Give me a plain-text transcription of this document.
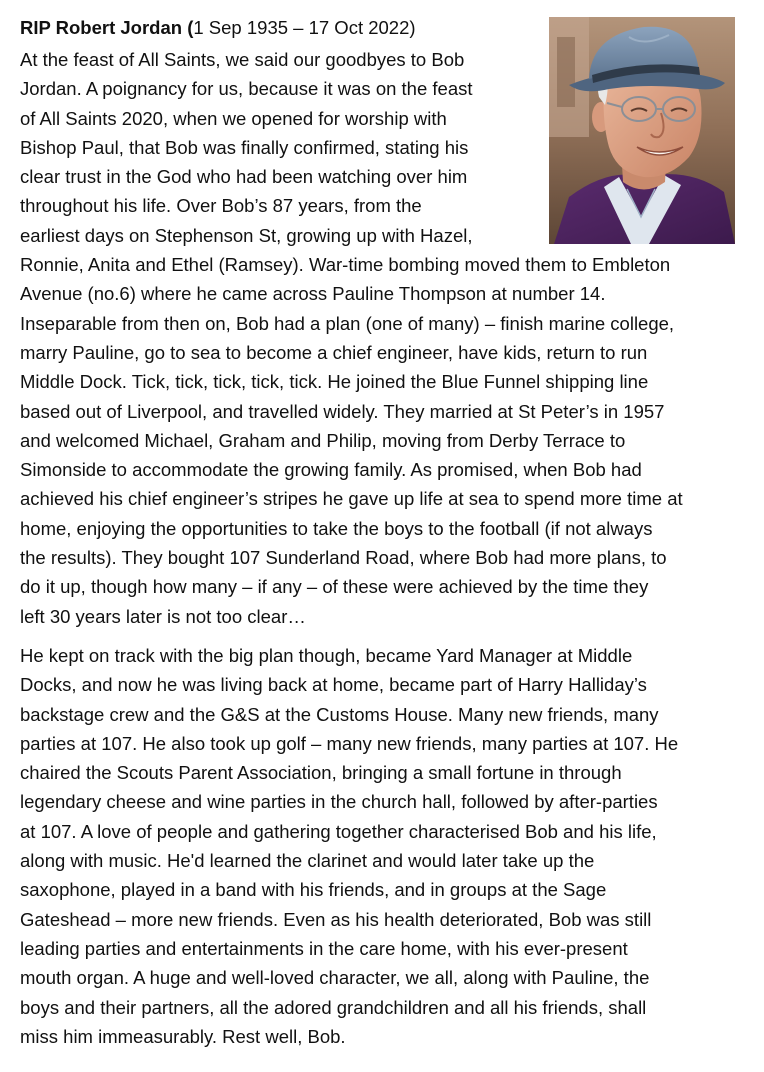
RIP Robert Jordan (1 Sep 1935 – 17 Oct 2022)

At the feast of All Saints, we said our goodbyes to Bob
Jordan. A poignancy for us, because it was on the feast
of All Saints 2020, when we opened for worship with
Bishop Paul, that Bob was finally confirmed, stating his
clear trust in the God who had been watching over him
throughout his life. Over Bob’s 87 years, from the
earliest days on Stephenson St, growing up with Hazel,
Ronnie, Anita and Ethel (Ramsey). War-time bombing moved them to Embleton
Avenue (no.6) where he came across Pauline Thompson at number 14.
Inseparable from then on, Bob had a plan (one of many) – finish marine college,
marry Pauline, go to sea to become a chief engineer, have kids, return to run
Middle Dock. Tick, tick, tick, tick, tick. He joined the Blue Funnel shipping line
based out of Liverpool, and travelled widely. They married at St Peter’s in 1957
and welcomed Michael, Graham and Philip, moving from Derby Terrace to
Simonside to accommodate the growing family. As promised, when Bob had
achieved his chief engineer’s stripes he gave up life at sea to spend more time at
home, enjoying the opportunities to take the boys to the football (if not always
the results). They bought 107 Sunderland Road, where Bob had more plans, to
do it up, though how many – if any – of these were achieved by the time they
left 30 years later is not too clear…

He kept on track with the big plan though, became Yard Manager at Middle
Docks, and now he was living back at home, became part of Harry Halliday’s
backstage crew and the G&S at the Customs House. Many new friends, many
parties at 107. He also took up golf – many new friends, many parties at 107. He
chaired the Scouts Parent Association, bringing a small fortune in through
legendary cheese and wine parties in the church hall, followed by after-parties
at 107. A love of people and gathering together characterised Bob and his life,
along with music. He'd learned the clarinet and would later take up the
saxophone, played in a band with his friends, and in groups at the Sage
Gateshead – more new friends. Even as his health deteriorated, Bob was still
leading parties and entertainments in the care home, with his ever-present
mouth organ. A huge and well-loved character, we all, along with Pauline, the
boys and their partners, all the adored grandchildren and all his friends, shall
miss him immeasurably. Rest well, Bob.
